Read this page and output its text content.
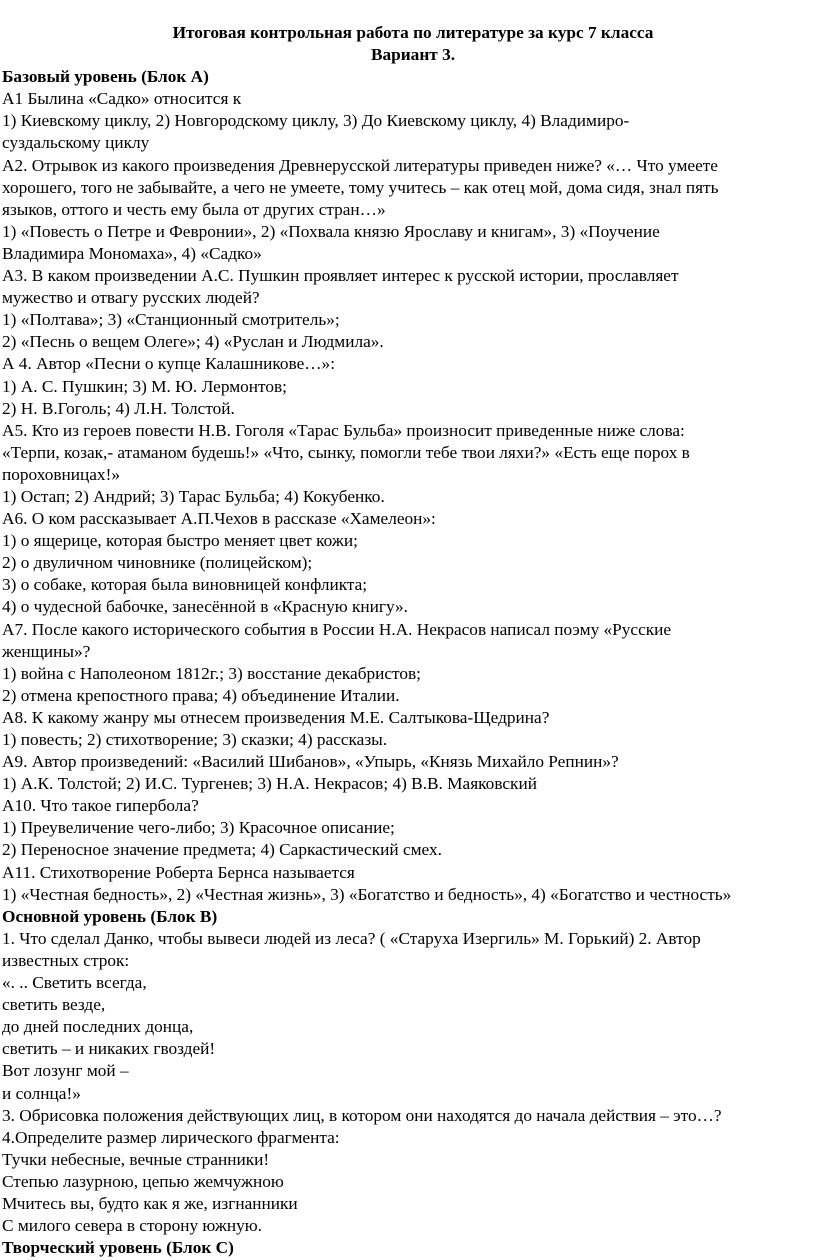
Итоговая контрольная работа по литературе за курс 7 класса

Вариант 3.

Базовый уровень (Блок А)

А1 Былина «Садко» относится к

1) Киевскому циклу, 2) Новгородскому циклу, 3) До Киевскому циклу, 4) Владимиро-

суздальскому циклу

А2. Отрывок из какого произведения Древнерусской литературы приведен ниже? «… Что умеете

хорошего, того не забывайте, а чего не умеете, тому учитесь – как отец мой, дома сидя, знал пять

языков, оттого и честь ему была от других стран…»

1) «Повесть о Петре и Февронии», 2) «Похвала князю Ярославу и книгам», 3) «Поучение

Владимира Мономаха», 4) «Садко»

А3. В каком произведении А.С. Пушкин проявляет интерес к русской истории, прославляет

мужество и отвагу русских людей?

1) «Полтава»; 3) «Станционный смотритель»;

2) «Песнь о вещем Олеге»; 4) «Руслан и Людмила».

А 4. Автор «Песни о купце Калашникове…»:

1) А. С. Пушкин; 3) М. Ю. Лермонтов;

2) Н. В.Гоголь; 4) Л.Н. Толстой.

А5. Кто из героев повести Н.В. Гоголя «Тарас Бульба» произносит приведенные ниже слова:

«Терпи, козак,- атаманом будешь!» «Что, сынку, помогли тебе твои ляхи?» «Есть еще порох в

пороховницах!»

1) Остап; 2) Андрий; 3) Тарас Бульба; 4) Кокубенко.

А6. О ком рассказывает А.П.Чехов в рассказе «Хамелеон»:

1) о ящерице, которая быстро меняет цвет кожи;

2) о двуличном чиновнике (полицейском);

3) о собаке, которая была виновницей конфликта;

4) о чудесной бабочке, занесённой в «Красную книгу».

А7. После какого исторического события в России Н.А. Некрасов написал поэму «Русские

женщины»?

1) война с Наполеоном 1812г.; 3) восстание декабристов;

2) отмена крепостного права; 4) объединение Италии.

А8. К какому жанру мы отнесем произведения М.Е. Салтыкова-Щедрина?

1) повесть; 2) стихотворение; 3) сказки; 4) рассказы.

А9. Автор произведений: «Василий Шибанов», «Упырь, «Князь Михайло Репнин»?

1) А.К. Толстой; 2) И.С. Тургенев; 3) Н.А. Некрасов; 4) В.В. Маяковский

А10. Что такое гипербола?

1) Преувеличение чего-либо; 3) Красочное описание;

2) Переносное значение предмета; 4) Саркастический смех.

А11. Стихотворение Роберта Бернса называется

1) «Честная бедность», 2) «Честная жизнь», 3) «Богатство и бедность», 4) «Богатство и честность»

Основной уровень (Блок В)

1. Что сделал Данко, чтобы вывеси людей из леса? ( «Старуха Изергиль» М. Горький) 2. Автор

известных строк:

«. .. Светить всегда,

светить везде,

до дней последних донца,

светить – и никаких гвоздей!

Вот лозунг мой –

и солнца!»

3. Обрисовка положения действующих лиц, в котором они находятся до начала действия – это…?

4.Определите размер лирического фрагмента:

Тучки небесные, вечные странники!

Степью лазурною, цепью жемчужною

Мчитесь вы, будто как я же, изгнанники

С милого севера в сторону южную.

Творческий уровень (Блок С)
